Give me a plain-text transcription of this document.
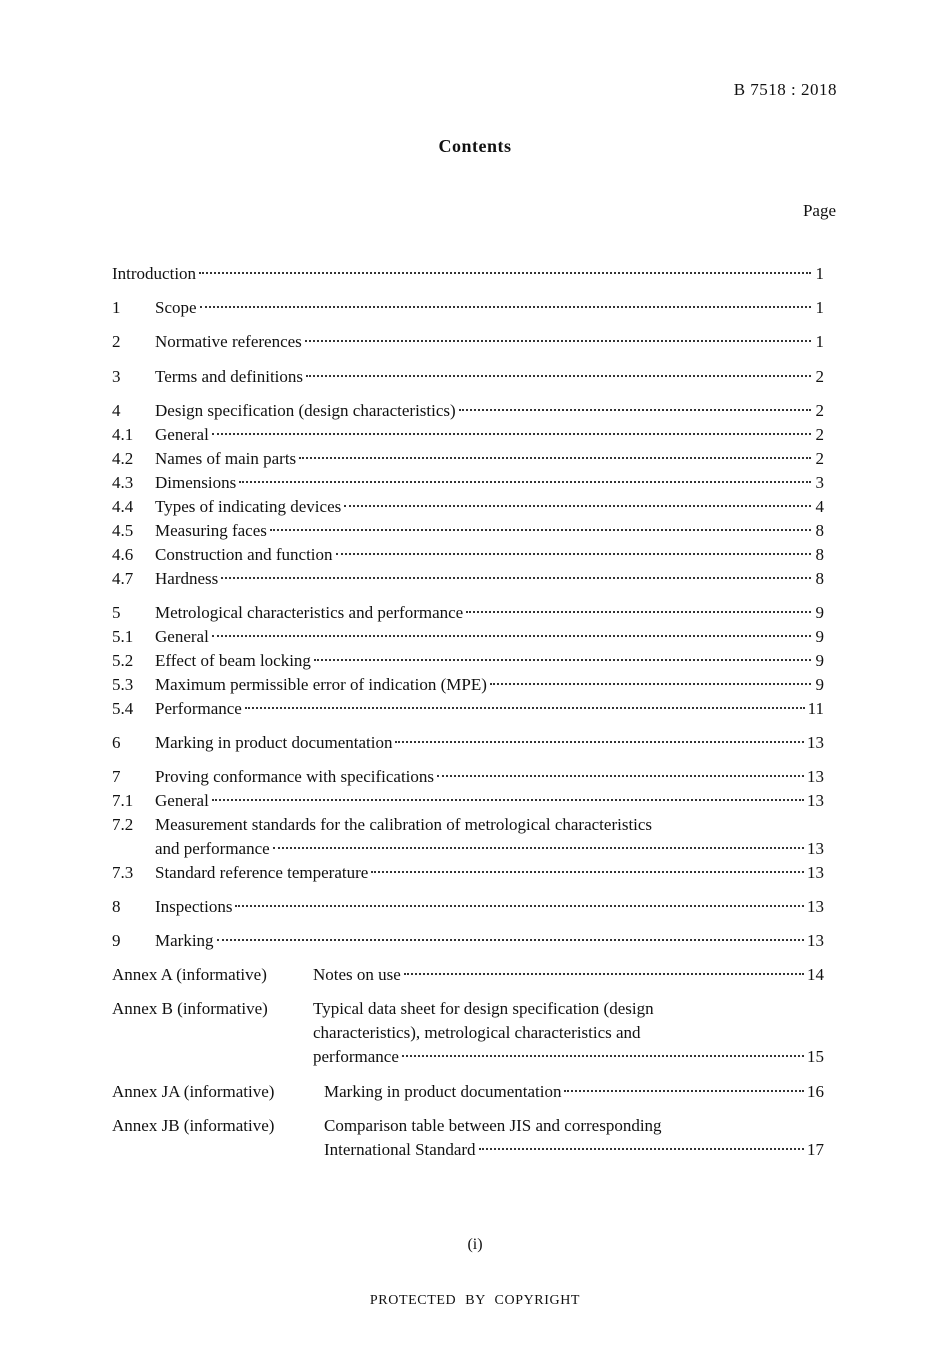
B 7518 : 2018
Contents
Page
Introduction	1
1	Scope	1
2	Normative references	1
3	Terms and definitions	2
4	Design specification (design characteristics)	2
4.1	General	2
4.2	Names of main parts	2
4.3	Dimensions	3
4.4	Types of indicating devices	4
4.5	Measuring faces	8
4.6	Construction and function	8
4.7	Hardness	8
5	Metrological characteristics and performance	9
5.1	General	9
5.2	Effect of beam locking	9
5.3	Maximum permissible error of indication (MPE)	9
5.4	Performance	11
6	Marking in product documentation	13
7	Proving conformance with specifications	13
7.1	General	13
7.2 Measurement standards for the calibration of metrological characteristics
and performance	13
7.3	Standard reference temperature	13
8	Inspections	13
9	Marking	13
Annex A (informative)	Notes on use	14
Annex B (informative)	Typical data sheet for design specification (design
characteristics), metrological characteristics and
performance	15
Annex JA (informative)	Marking in product documentation	16
Annex JB (informative)	Comparison table between JIS and corresponding
International Standard	17
(i)
PROTECTED BY COPYRIGHT
